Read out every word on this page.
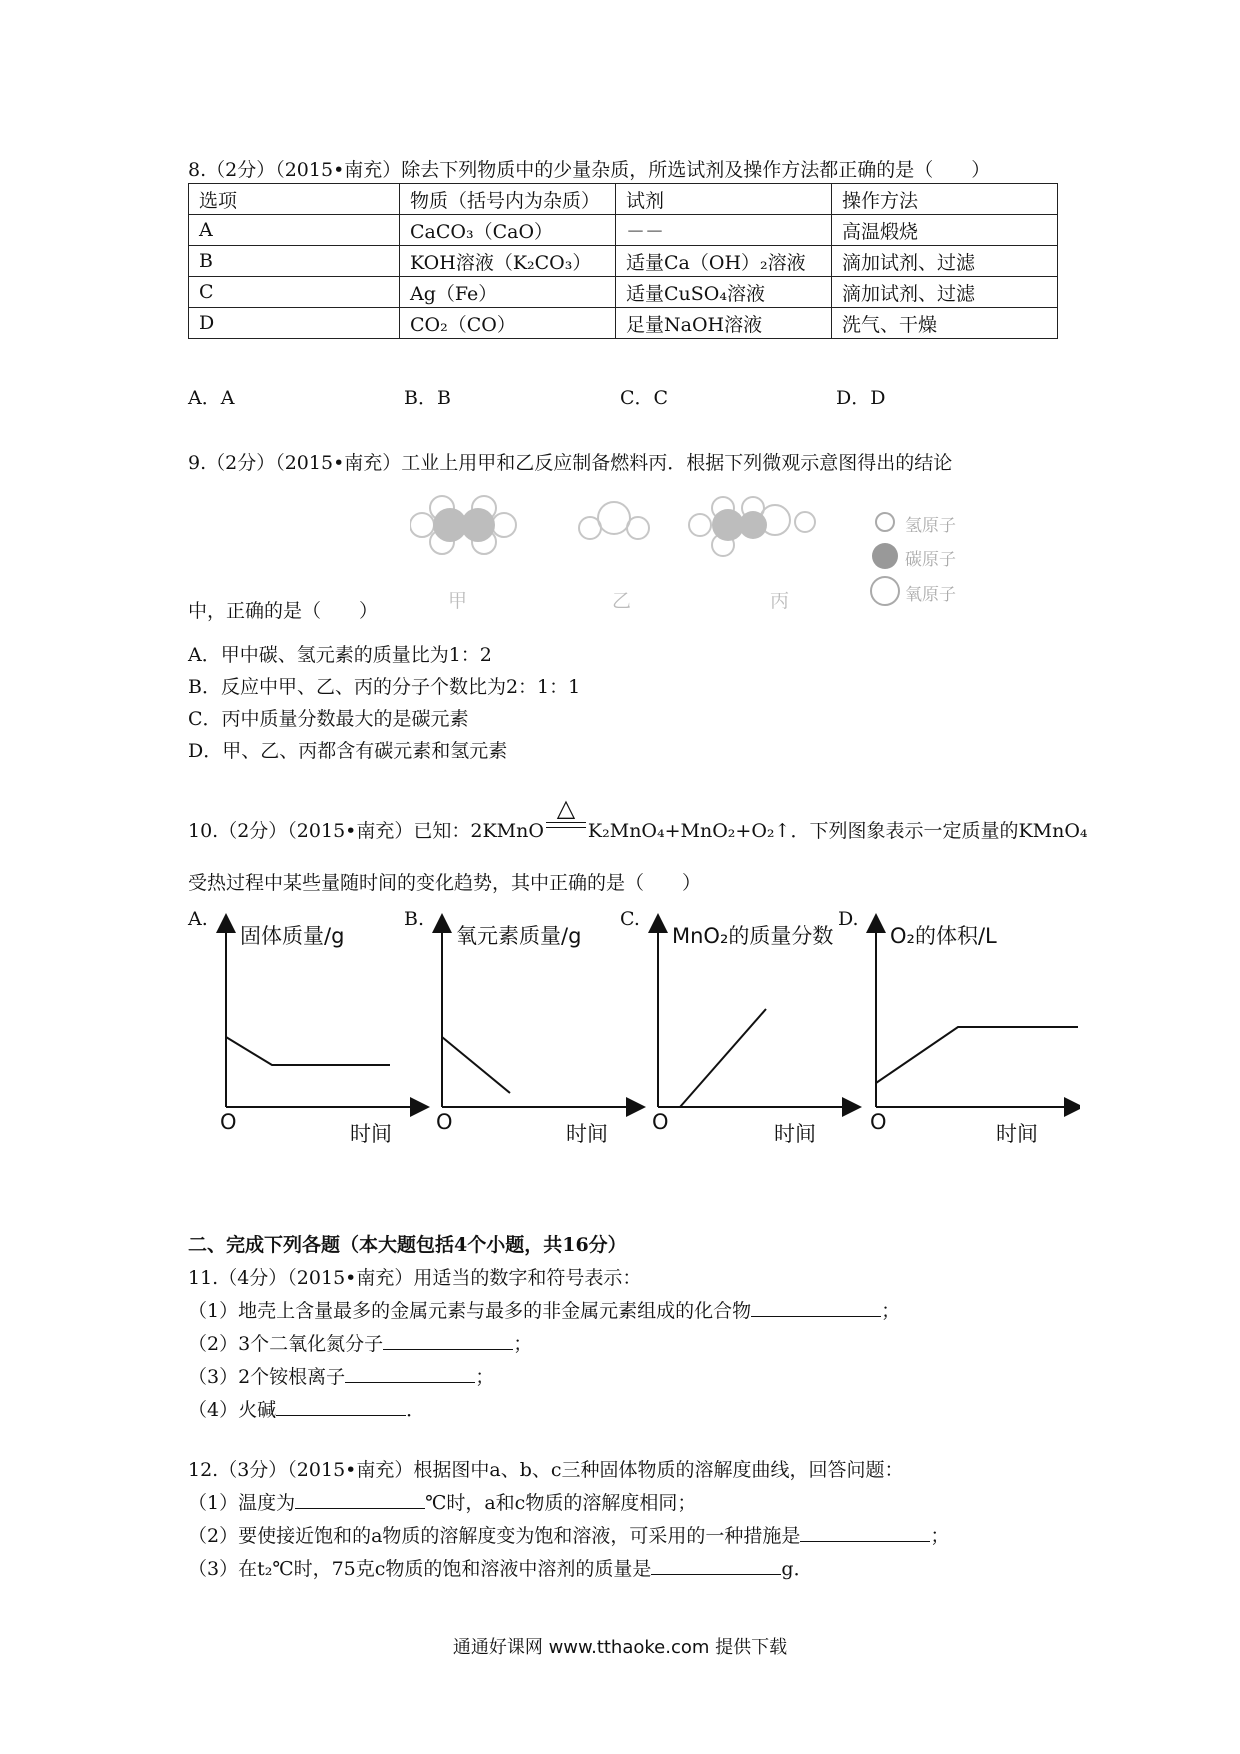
8.（2分）（2015•南充）除去下列物质中的少量杂质，所选试剂及操作方法都正确的是（　　）
选项	物质（括号内为杂质）	试剂	操作方法
A	CaCO₃（CaO）	－－	高温煅烧
B	KOH溶液（K₂CO₃）	适量Ca（OH）₂溶液	滴加试剂、过滤
C	Ag（Fe）	适量CuSO₄溶液	滴加试剂、过滤
D	CO₂（CO）	足量NaOH溶液	洗气、干燥
A．A	B．B	C．C	D．D
9.（2分）（2015•南充）工业上用甲和乙反应制备燃料丙．根据下列微观示意图得出的结论
氢原子
碳原子
氧原子
甲	乙	丙
中，正确的是（　　）
A．甲中碳、氢元素的质量比为1：2
B．反应中甲、乙、丙的分子个数比为2：1：1
C．丙中质量分数最大的是碳元素
D．甲、乙、丙都含有碳元素和氢元素
10.（2分）（2015•南充）已知：2KMnO
△
K₂MnO₄+MnO₂+O₂↑．下列图象表示一定质量的KMnO₄
受热过程中某些量随时间的变化趋势，其中正确的是（　　）
A.	B.	C.	D.
固体质量/g	氧元素质量/g	MnO₂的质量分数	O₂的体积/L
O	O	O	O
时间	时间	时间	时间
二、完成下列各题（本大题包括4个小题，共16分）
11.（4分）（2015•南充）用适当的数字和符号表示：
（1）地壳上含量最多的金属元素与最多的非金属元素组成的化合物	；
（2）3个二氧化氮分子	；
（3）2个铵根离子	；
（4）火碱	．
12.（3分）（2015•南充）根据图中a、b、c三种固体物质的溶解度曲线，回答问题：
（1）温度为	℃时，a和c物质的溶解度相同；
（2）要使接近饱和的a物质的溶解度变为饱和溶液，可采用的一种措施是	；
（3）在t₂℃时，75克c物质的饱和溶液中溶剂的质量是	g．
通通好课网 www.tthaoke.com 提供下载
